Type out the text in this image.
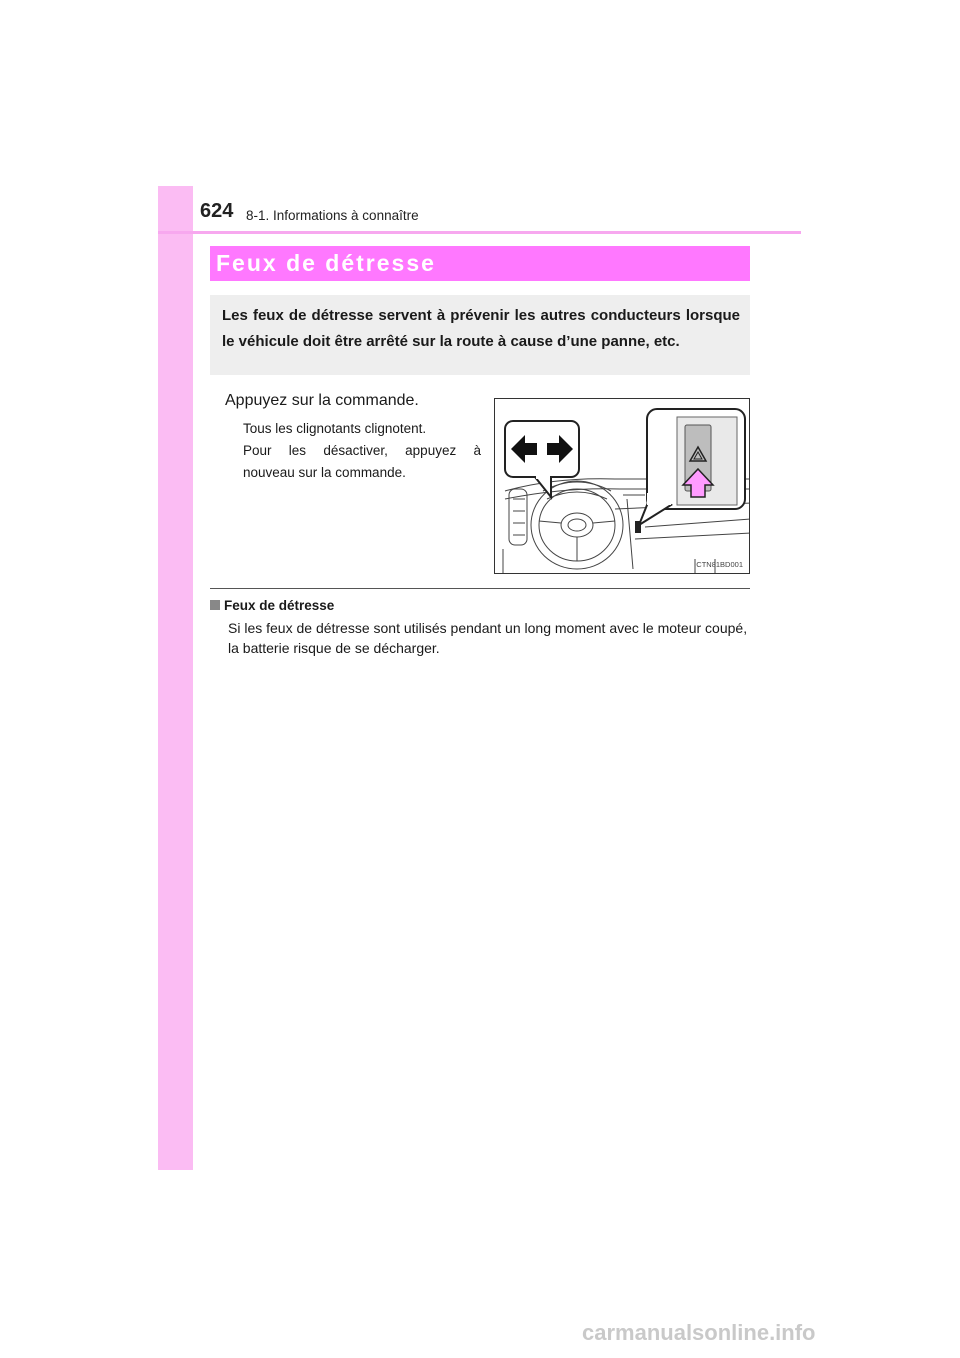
624 8-1. Informations à connaître
Feux de détresse

Les feux de détresse servent à prévenir les autres conducteurs lorsque le véhicule doit être arrêté sur la route à cause d’une panne, etc.

Appuyez sur la commande.

Tous les clignotants clignotent.

Pour les désactiver, appuyez à nouveau sur la commande.

CTN81BD001
Feux de détresse

Si les feux de détresse sont utilisés pendant un long moment avec le moteur coupé, la batterie risque de se décharger.

carmanualsonline.info
